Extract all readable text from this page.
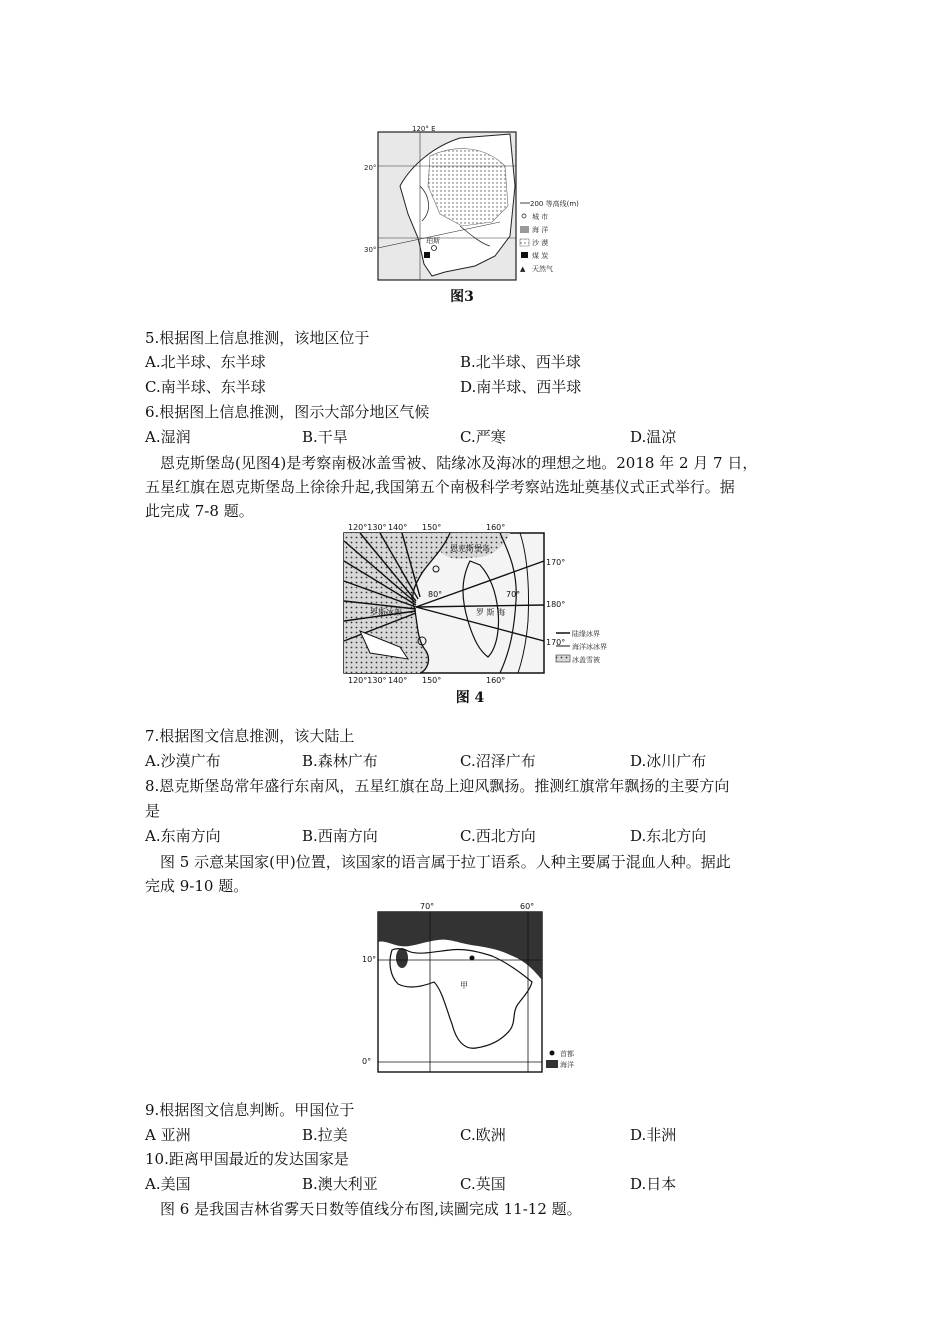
珀斯
120° E
20°
30°
200 等高线(m)
城 市
海 洋
沙 漠
煤 炭
▲ 天然气
图3
5.根据图上信息推测，该地区位于
A.北半球、东半球	B.北半球、西半球
C.南半球、东半球	D.南半球、西半球
6.根据图上信息推测，图示大部分地区气候
A.湿润	B.干旱	C.严寒	D.温凉
恩克斯堡岛(见图4)是考察南极冰盖雪被、陆缘冰及海冰的理想之地。2018 年 2 月 7 日，
五星红旗在恩克斯堡岛上徐徐升起,我国第五个南极科学考察站选址奠基仪式正式举行。据
此完成 7-8 题。
120°130° 140° 150°	160°
120°130° 140° 150°	160°
170°
180°
170°
80°	70°
恩克斯堡岛
罗斯冰架	罗 斯 海
陆缘冰界
海洋冰冰界
冰盖雪被
图 4
7.根据图文信息推测，该大陆上
A.沙漠广布	B.森林广布	C.沼泽广布	D.冰川广布
8.恩克斯堡岛常年盛行东南风，五星红旗在岛上迎风飘扬。推测红旗常年飘扬的主要方向
是
A.东南方向	B.西南方向	C.西北方向	D.东北方向
图 5 示意某国家(甲)位置，该国家的语言属于拉丁语系。人种主要属于混血人种。据此
完成 9-10 题。
甲
70°	60°
10°
0°
首都
海洋
9.根据图文信息判断。甲国位于
A 亚洲	B.拉美	C.欧洲	D.非洲
10.距离甲国最近的发达国家是
A.美国	B.澳大利亚	C.英国	D.日本
图 6 是我国吉林省雾天日数等值线分布图,读圖完成 11-12 题。
